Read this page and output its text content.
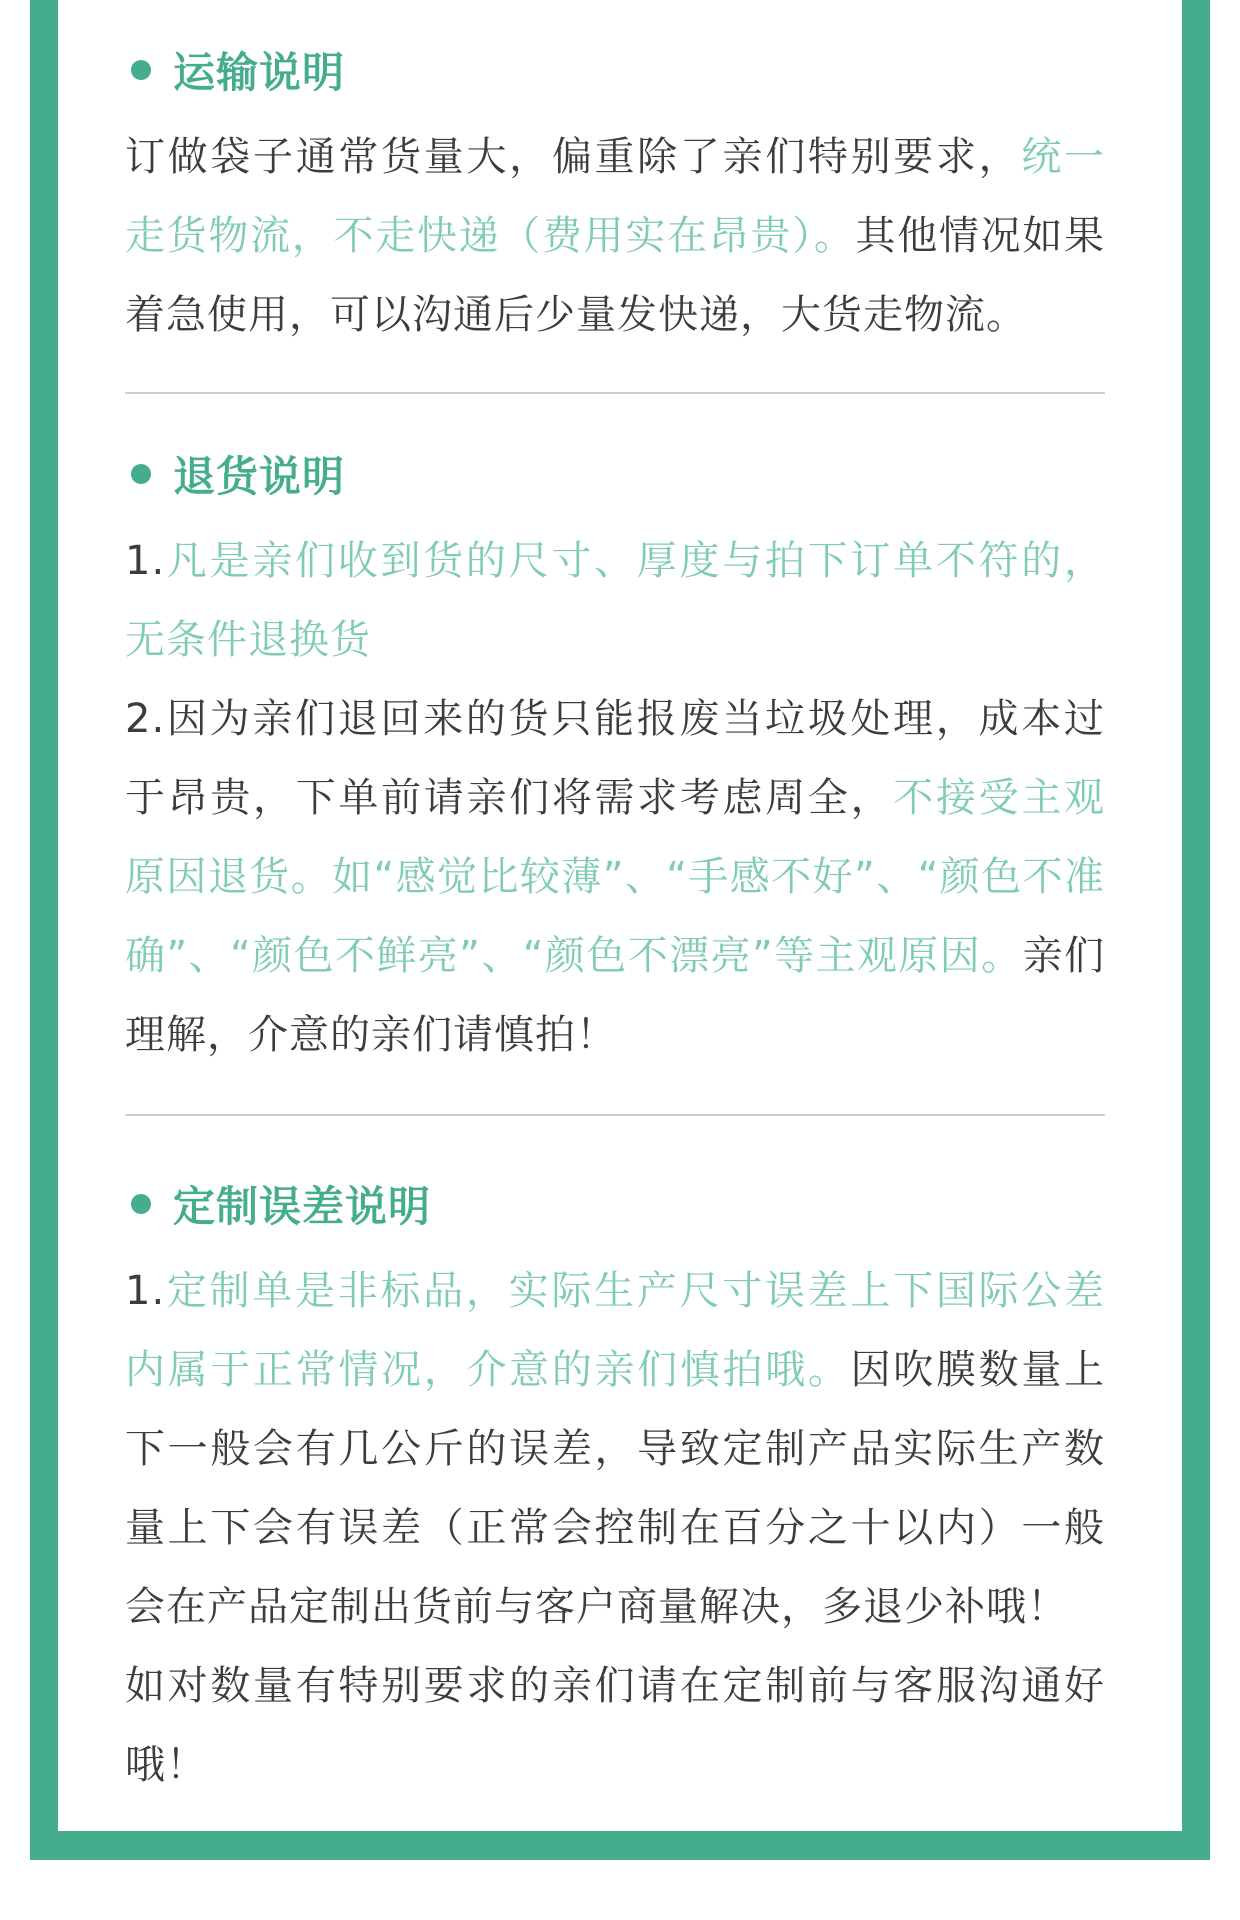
运输说明

订做袋子通常货量大，偏重除了亲们特别要求，统一走货物流，不走快递（费用实在昂贵）。其他情况如果着急使用，可以沟通后少量发快递，大货走物流。

退货说明

1.凡是亲们收到货的尺寸、厚度与拍下订单不符的，无条件退换货

2.因为亲们退回来的货只能报废当垃圾处理，成本过于昂贵，下单前请亲们将需求考虑周全，不接受主观原因退货。如“感觉比较薄”、“手感不好”、“颜色不准确”、“颜色不鲜亮”、“颜色不漂亮”等主观原因。亲们理解，介意的亲们请慎拍！

定制误差说明

1.定制单是非标品，实际生产尺寸误差上下国际公差内属于正常情况，介意的亲们慎拍哦。因吹膜数量上下一般会有几公斤的误差，导致定制产品实际生产数量上下会有误差（正常会控制在百分之十以内）一般会在产品定制出货前与客户商量解决，多退少补哦！

如对数量有特别要求的亲们请在定制前与客服沟通好哦！
